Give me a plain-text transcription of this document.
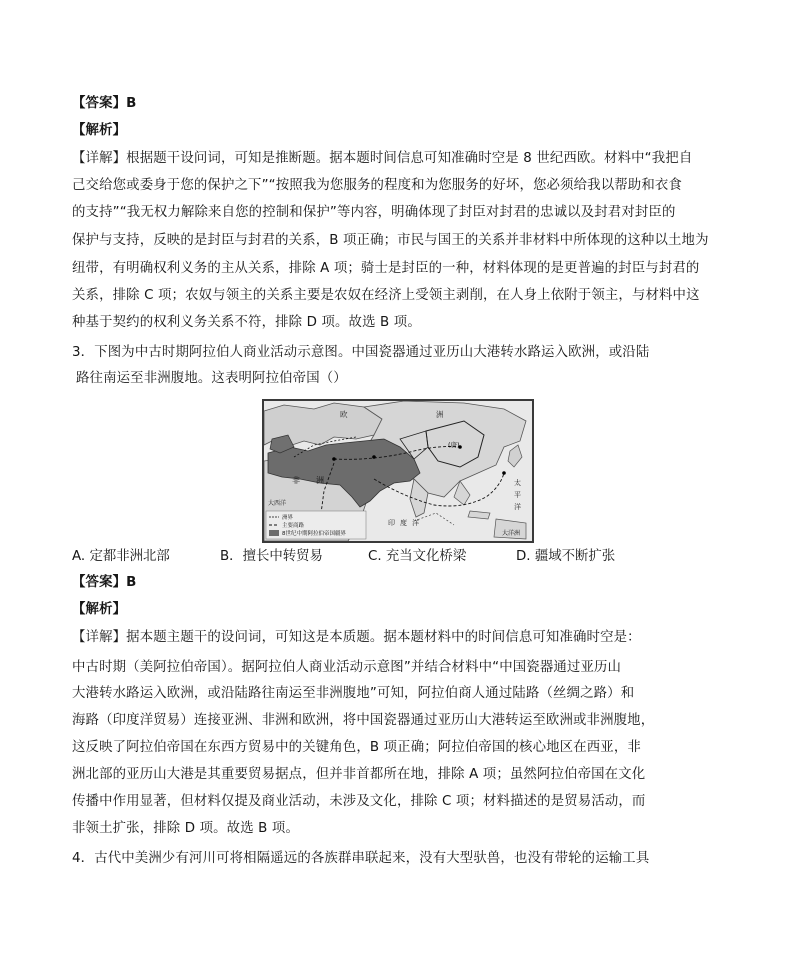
【答案】B
【解析】
【详解】根据题干设问词，可知是推断题。据本题时间信息可知准确时空是 8 世纪西欧。材料中“我把自
己交给您或委身于您的保护之下”“按照我为您服务的程度和为您服务的好坏，您必须给我以帮助和衣食
的支持”“我无权力解除来自您的控制和保护”等内容，明确体现了封臣对封君的忠诚以及封君对封臣的
保护与支持，反映的是封臣与封君的关系，B 项正确；市民与国王的关系并非材料中所体现的这种以土地为
纽带，有明确权利义务的主从关系，排除 A 项；骑士是封臣的一种，材料体现的是更普遍的封臣与封君的
关系，排除 C 项；农奴与领主的关系主要是农奴在经济上受领主剥削，在人身上依附于领主，与材料中这
种基于契约的权利义务关系不符，排除 D 项。故选 B 项。
3．下图为中古时期阿拉伯人商业活动示意图。中国瓷器通过亚历山大港转水路运入欧洲，或沿陆
路往南运至非洲腹地。这表明阿拉伯帝国（）
欧	洲
非 洲
(唐)
太
平
洋
印 度 洋
大西洋
洲界
主要商路
8世纪中期阿拉伯帝国疆界	大洋洲
A. 定都非洲北部	B．擅长中转贸易	C. 充当文化桥梁	D. 疆域不断扩张
【答案】B
【解析】
【详解】据本题主题干的设问词，可知这是本质题。据本题材料中的时间信息可知准确时空是：
中古时期（美阿拉伯帝国）。据阿拉伯人商业活动示意图”并结合材料中“中国瓷器通过亚历山
大港转水路运入欧洲，或沿陆路往南运至非洲腹地”可知，阿拉伯商人通过陆路（丝绸之路）和
海路（印度洋贸易）连接亚洲、非洲和欧洲，将中国瓷器通过亚历山大港转运至欧洲或非洲腹地，
这反映了阿拉伯帝国在东西方贸易中的关键角色，B 项正确；阿拉伯帝国的核心地区在西亚，非
洲北部的亚历山大港是其重要贸易据点，但并非首都所在地，排除 A 项；虽然阿拉伯帝国在文化
传播中作用显著，但材料仅提及商业活动，未涉及文化，排除 C 项；材料描述的是贸易活动，而
非领土扩张，排除 D 项。故选 B 项。
4．古代中美洲少有河川可将相隔遥远的各族群串联起来，没有大型驮兽，也没有带轮的运输工具
